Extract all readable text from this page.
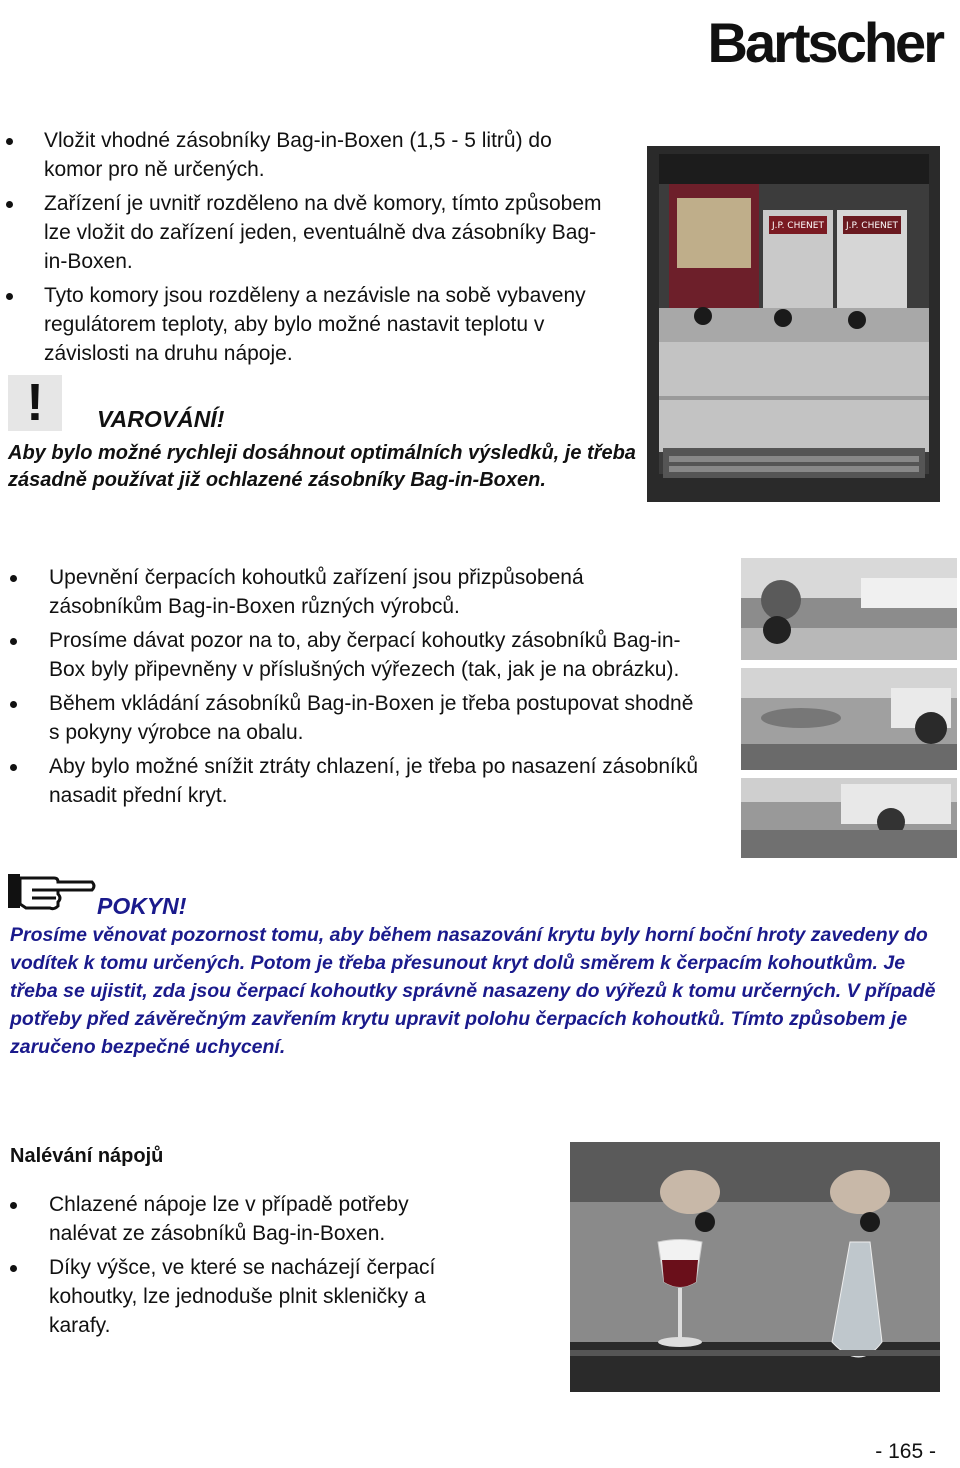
Bartscher
Vložit vhodné zásobníky Bag-in-Boxen (1,5 - 5 litrů) do komor pro ně určených.
Zařízení je uvnitř rozděleno na dvě komory, tímto způsobem lze vložit do zařízení jeden, eventuálně dva zásobníky Bag-in-Boxen.
Tyto komory jsou rozděleny a nezávisle na sobě vybaveny regulátorem teploty, aby bylo možné nastavit teplotu v závislosti na druhu nápoje.
!	VAROVÁNÍ!
Aby bylo možné rychleji dosáhnout optimálních výsledků, je třeba zásadně používat již ochlazené zásobníky Bag-in-Boxen.
J.P. CHENET J.P. CHENET
Upevnění čerpacích kohoutků zařízení jsou přizpůsobená zásobníkům Bag-in-Boxen různých výrobců.
Prosíme dávat pozor na to, aby čerpací kohoutky zásobníků Bag-in-Box byly připevněny v příslušných výřezech (tak, jak je na obrázku).
Během vkládání zásobníků Bag-in-Boxen je třeba postupovat shodně s pokyny výrobce na obalu.
Aby bylo možné snížit ztráty chlazení, je třeba po nasazení zásobníků nasadit přední kryt.
POKYN!
Prosíme věnovat pozornost tomu, aby během nasazování krytu byly horní boční hroty zavedeny do vodítek k tomu určených. Potom je třeba přesunout kryt dolů směrem k čerpacím kohoutkům. Je třeba se ujistit, zda jsou čerpací kohoutky správně nasazeny do výřezů k tomu určerných. V případě potřeby před závěrečným zavřením krytu upravit polohu čerpacích kohoutků. Tímto způsobem je zaručeno bezpečné uchycení.
Nalévání nápojů
Chlazené nápoje lze v případě potřeby nalévat ze zásobníků Bag-in-Boxen.
Díky výšce, ve které se nacházejí čerpací kohoutky, lze jednoduše plnit skleničky a karafy.
- 165 -
